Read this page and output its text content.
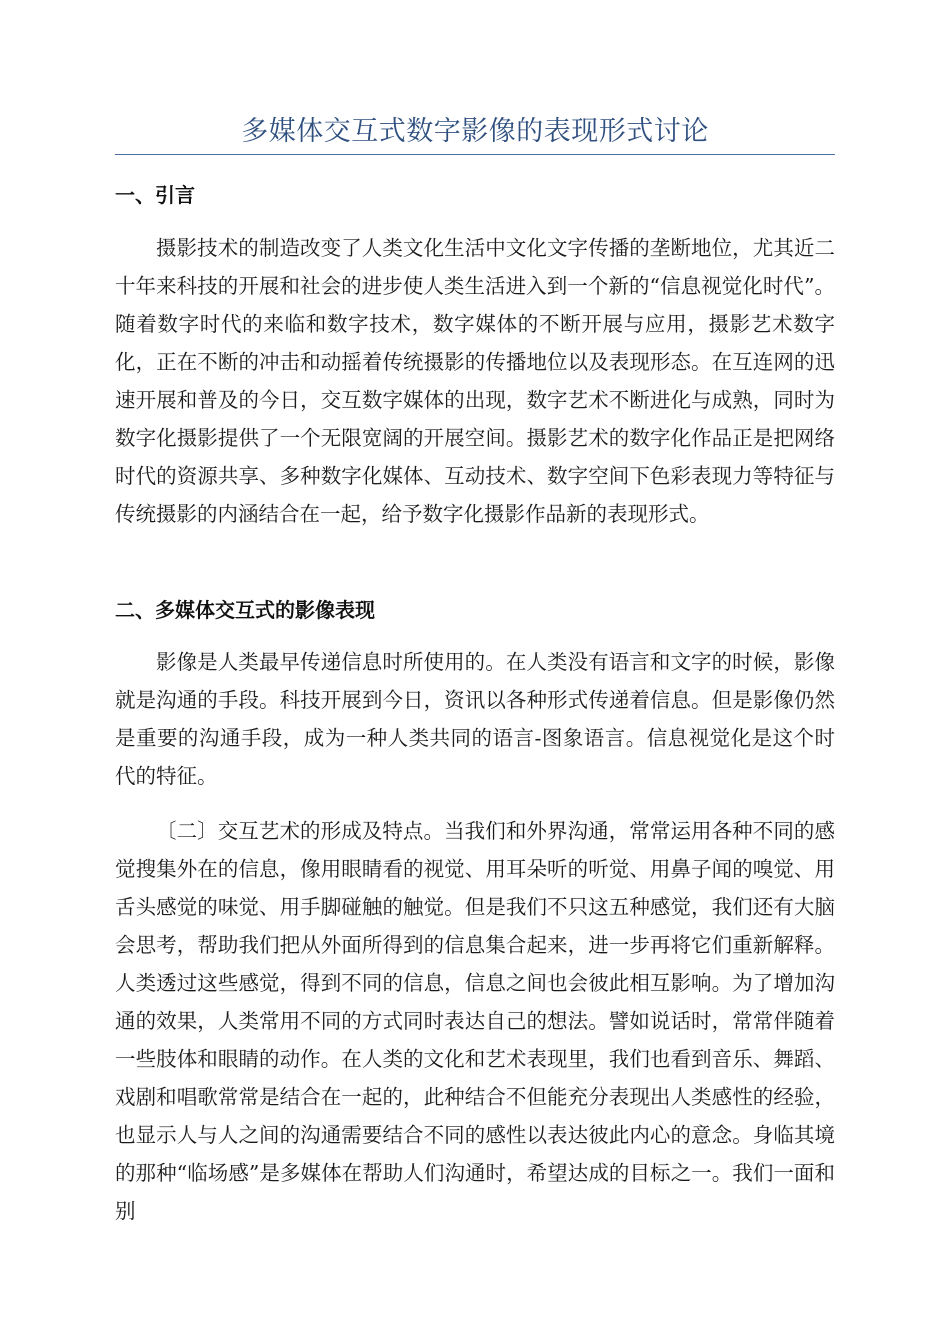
多媒体交互式数字影像的表现形式讨论
一、引言

摄影技术的制造改变了人类文化生活中文化文字传播的垄断地位，尤其近二十年来科技的开展和社会的进步使人类生活进入到一个新的“信息视觉化时代”。随着数字时代的来临和数字技术，数字媒体的不断开展与应用，摄影艺术数字化，正在不断的冲击和动摇着传统摄影的传播地位以及表现形态。在互连网的迅速开展和普及的今日，交互数字媒体的出现，数字艺术不断进化与成熟，同时为数字化摄影提供了一个无限宽阔的开展空间。摄影艺术的数字化作品正是把网络时代的资源共享、多种数字化媒体、互动技术、数字空间下色彩表现力等特征与传统摄影的内涵结合在一起，给予数字化摄影作品新的表现形式。

二、多媒体交互式的影像表现

影像是人类最早传递信息时所使用的。在人类没有语言和文字的时候，影像就是沟通的手段。科技开展到今日，资讯以各种形式传递着信息。但是影像仍然是重要的沟通手段，成为一种人类共同的语言-图象语言。信息视觉化是这个时代的特征。

〔二〕交互艺术的形成及特点。当我们和外界沟通，常常运用各种不同的感觉搜集外在的信息，像用眼睛看的视觉、用耳朵听的听觉、用鼻子闻的嗅觉、用舌头感觉的味觉、用手脚碰触的触觉。但是我们不只这五种感觉，我们还有大脑会思考，帮助我们把从外面所得到的信息集合起来，进一步再将它们重新解释。人类透过这些感觉，得到不同的信息，信息之间也会彼此相互影响。为了增加沟通的效果，人类常用不同的方式同时表达自己的想法。譬如说话时，常常伴随着一些肢体和眼睛的动作。在人类的文化和艺术表现里，我们也看到音乐、舞蹈、戏剧和唱歌常常是结合在一起的，此种结合不但能充分表现出人类感性的经验，也显示人与人之间的沟通需要结合不同的感性以表达彼此内心的意念。身临其境的那种“临场感”是多媒体在帮助人们沟通时，希望达成的目标之一。我们一面和别
